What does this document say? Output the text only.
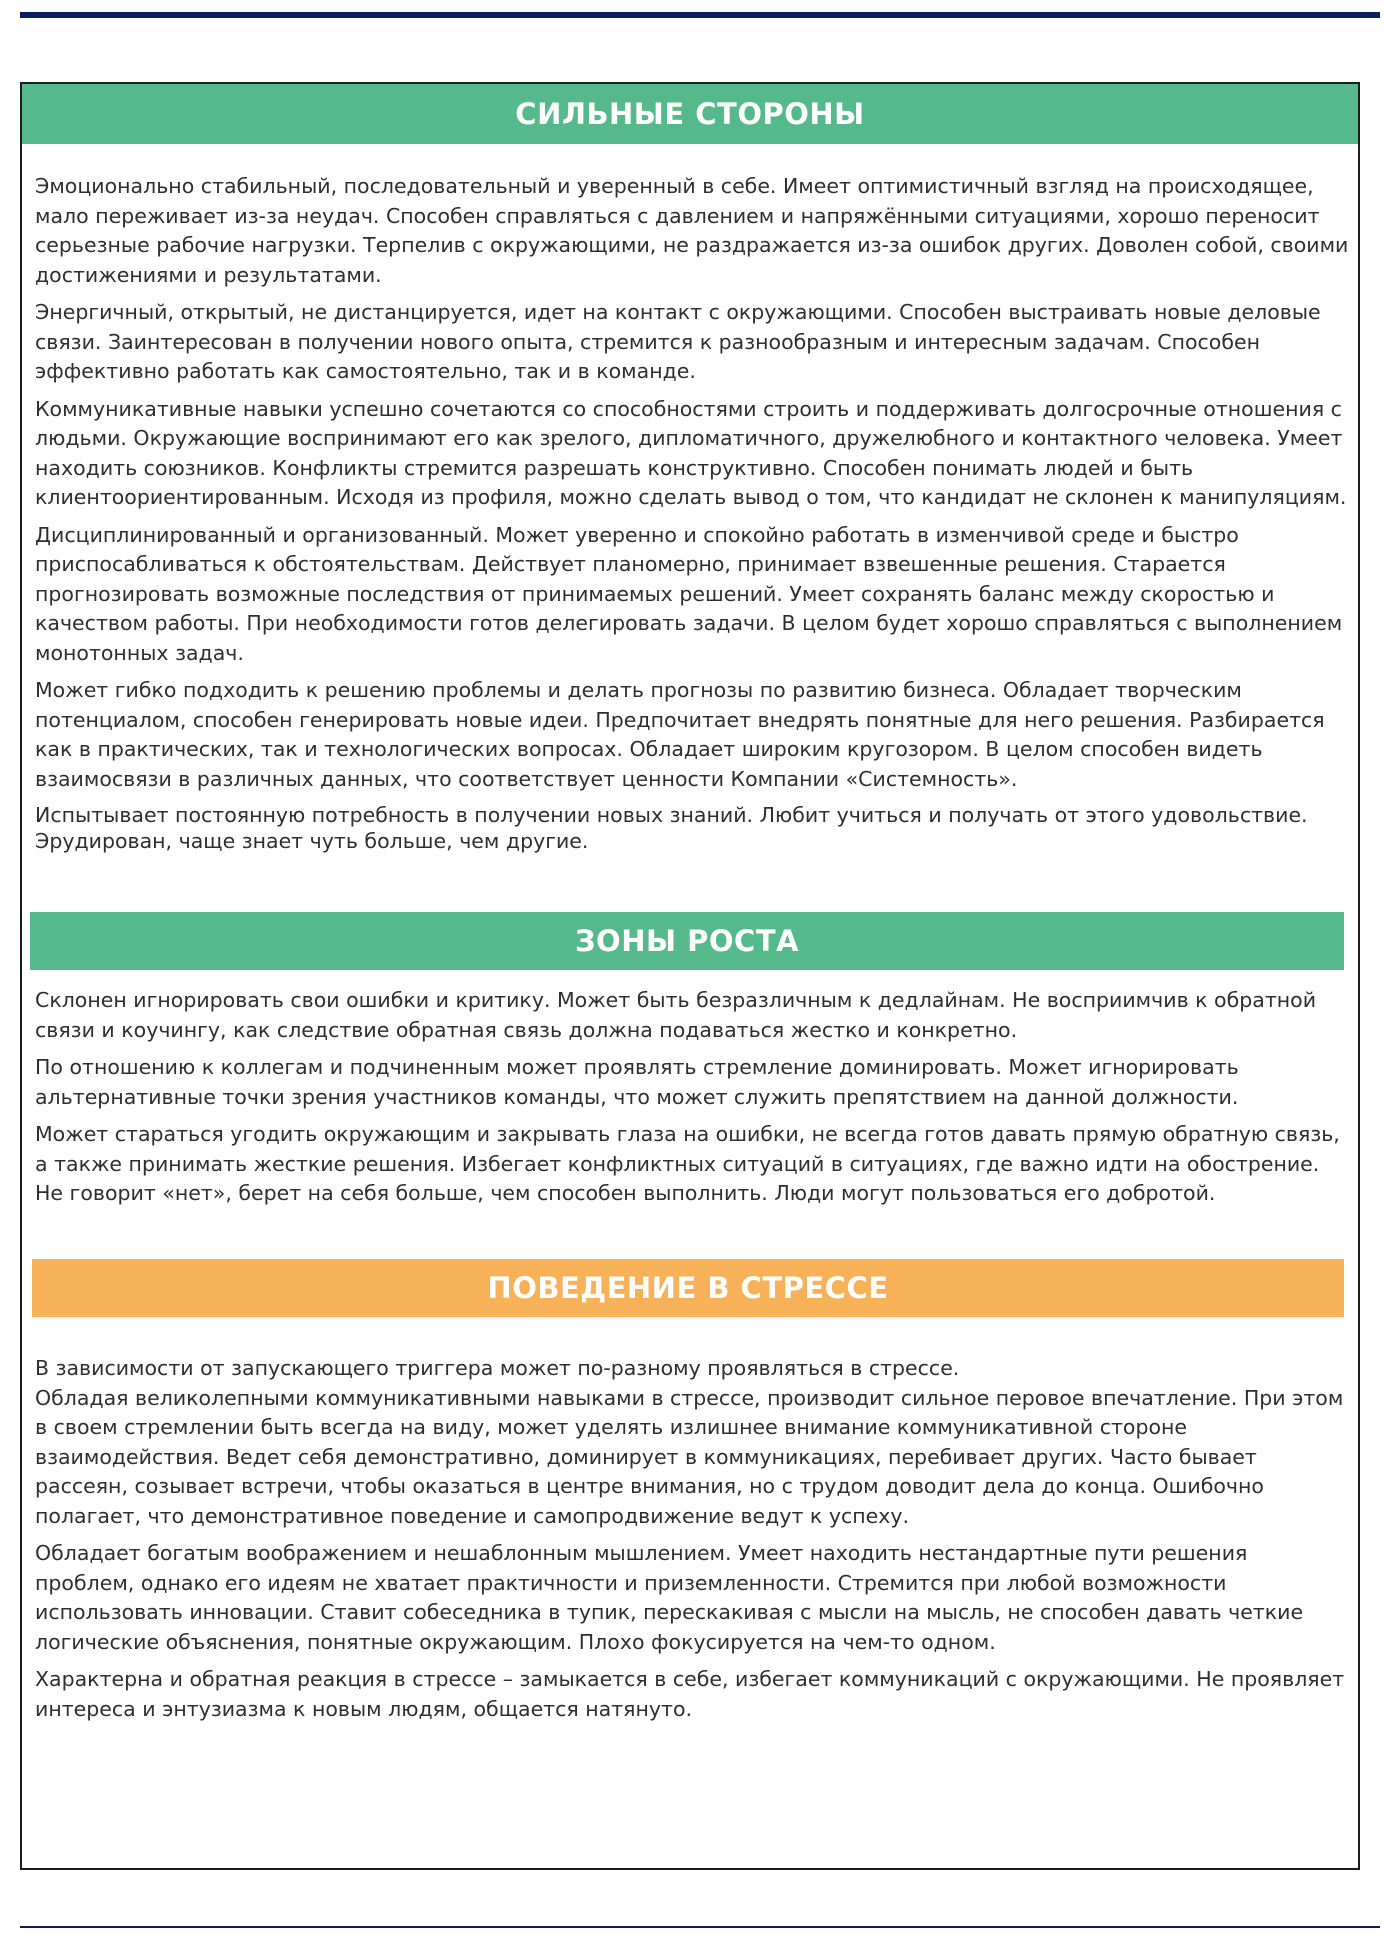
СИЛЬНЫЕ СТОРОНЫ

Эмоционально стабильный, последовательный и уверенный в себе. Имеет оптимистичный взгляд на происходящее, мало переживает из-за неудач. Способен справляться с давлением и напряжёнными ситуациями, хорошо переносит серьезные рабочие нагрузки. Терпелив с окружающими, не раздражается из-за ошибок других. Доволен собой, своими достижениями и результатами.

Энергичный, открытый, не дистанцируется, идет на контакт с окружающими. Способен выстраивать новые деловые связи. Заинтересован в получении нового опыта, стремится к разнообразным и интересным задачам. Способен эффективно работать как самостоятельно, так и в команде.

Коммуникативные навыки успешно сочетаются со способностями строить и поддерживать долгосрочные отношения с людьми. Окружающие воспринимают его как зрелого, дипломатичного, дружелюбного и контактного человека. Умеет находить союзников. Конфликты стремится разрешать конструктивно. Способен понимать людей и быть клиентоориентированным. Исходя из профиля, можно сделать вывод о том, что кандидат не склонен к манипуляциям.

Дисциплинированный и организованный. Может уверенно и спокойно работать в изменчивой среде и быстро приспосабливаться к обстоятельствам. Действует планомерно, принимает взвешенные решения. Старается прогнозировать возможные последствия от принимаемых решений. Умеет сохранять баланс между скоростью и качеством работы. При необходимости готов делегировать задачи. В целом будет хорошо справляться с выполнением монотонных задач.

Может гибко подходить к решению проблемы и делать прогнозы по развитию бизнеса. Обладает творческим потенциалом, способен генерировать новые идеи. Предпочитает внедрять понятные для него решения. Разбирается как в практических, так и технологических вопросах. Обладает широким кругозором. В целом способен видеть взаимосвязи в различных данных, что соответствует ценности Компании «Системность».

Испытывает постоянную потребность в получении новых знаний. Любит учиться и получать от этого удовольствие. Эрудирован, чаще знает чуть больше, чем другие.

ЗОНЫ РОСТА

Склонен игнорировать свои ошибки и критику. Может быть безразличным к дедлайнам. Не восприимчив к обратной связи и коучингу, как следствие обратная связь должна подаваться жестко и конкретно.

По отношению к коллегам и подчиненным может проявлять стремление доминировать. Может игнорировать альтернативные точки зрения участников команды, что может служить препятствием на данной должности.

Может стараться угодить окружающим и закрывать глаза на ошибки, не всегда готов давать прямую обратную связь, а также принимать жесткие решения. Избегает конфликтных ситуаций в ситуациях, где важно идти на обострение. Не говорит «нет», берет на себя больше, чем способен выполнить. Люди могут пользоваться его добротой.

ПОВЕДЕНИЕ В СТРЕССЕ

В зависимости от запускающего триггера может по-разному проявляться в стрессе.

Обладая великолепными коммуникативными навыками в стрессе, производит сильное перовое впечатление. При этом в своем стремлении быть всегда на виду, может уделять излишнее внимание коммуникативной стороне взаимодействия. Ведет себя демонстративно, доминирует в коммуникациях, перебивает других. Часто бывает рассеян, созывает встречи, чтобы оказаться в центре внимания, но с трудом доводит дела до конца. Ошибочно полагает, что демонстративное поведение и самопродвижение ведут к успеху.

Обладает богатым воображением и нешаблонным мышлением. Умеет находить нестандартные пути решения проблем, однако его идеям не хватает практичности и приземленности. Стремится при любой возможности использовать инновации. Ставит собеседника в тупик, перескакивая с мысли на мысль, не способен давать четкие логические объяснения, понятные окружающим. Плохо фокусируется на чем-то одном.

Характерна и обратная реакция в стрессе – замыкается в себе, избегает коммуникаций с окружающими. Не проявляет интереса и энтузиазма к новым людям, общается натянуто.
